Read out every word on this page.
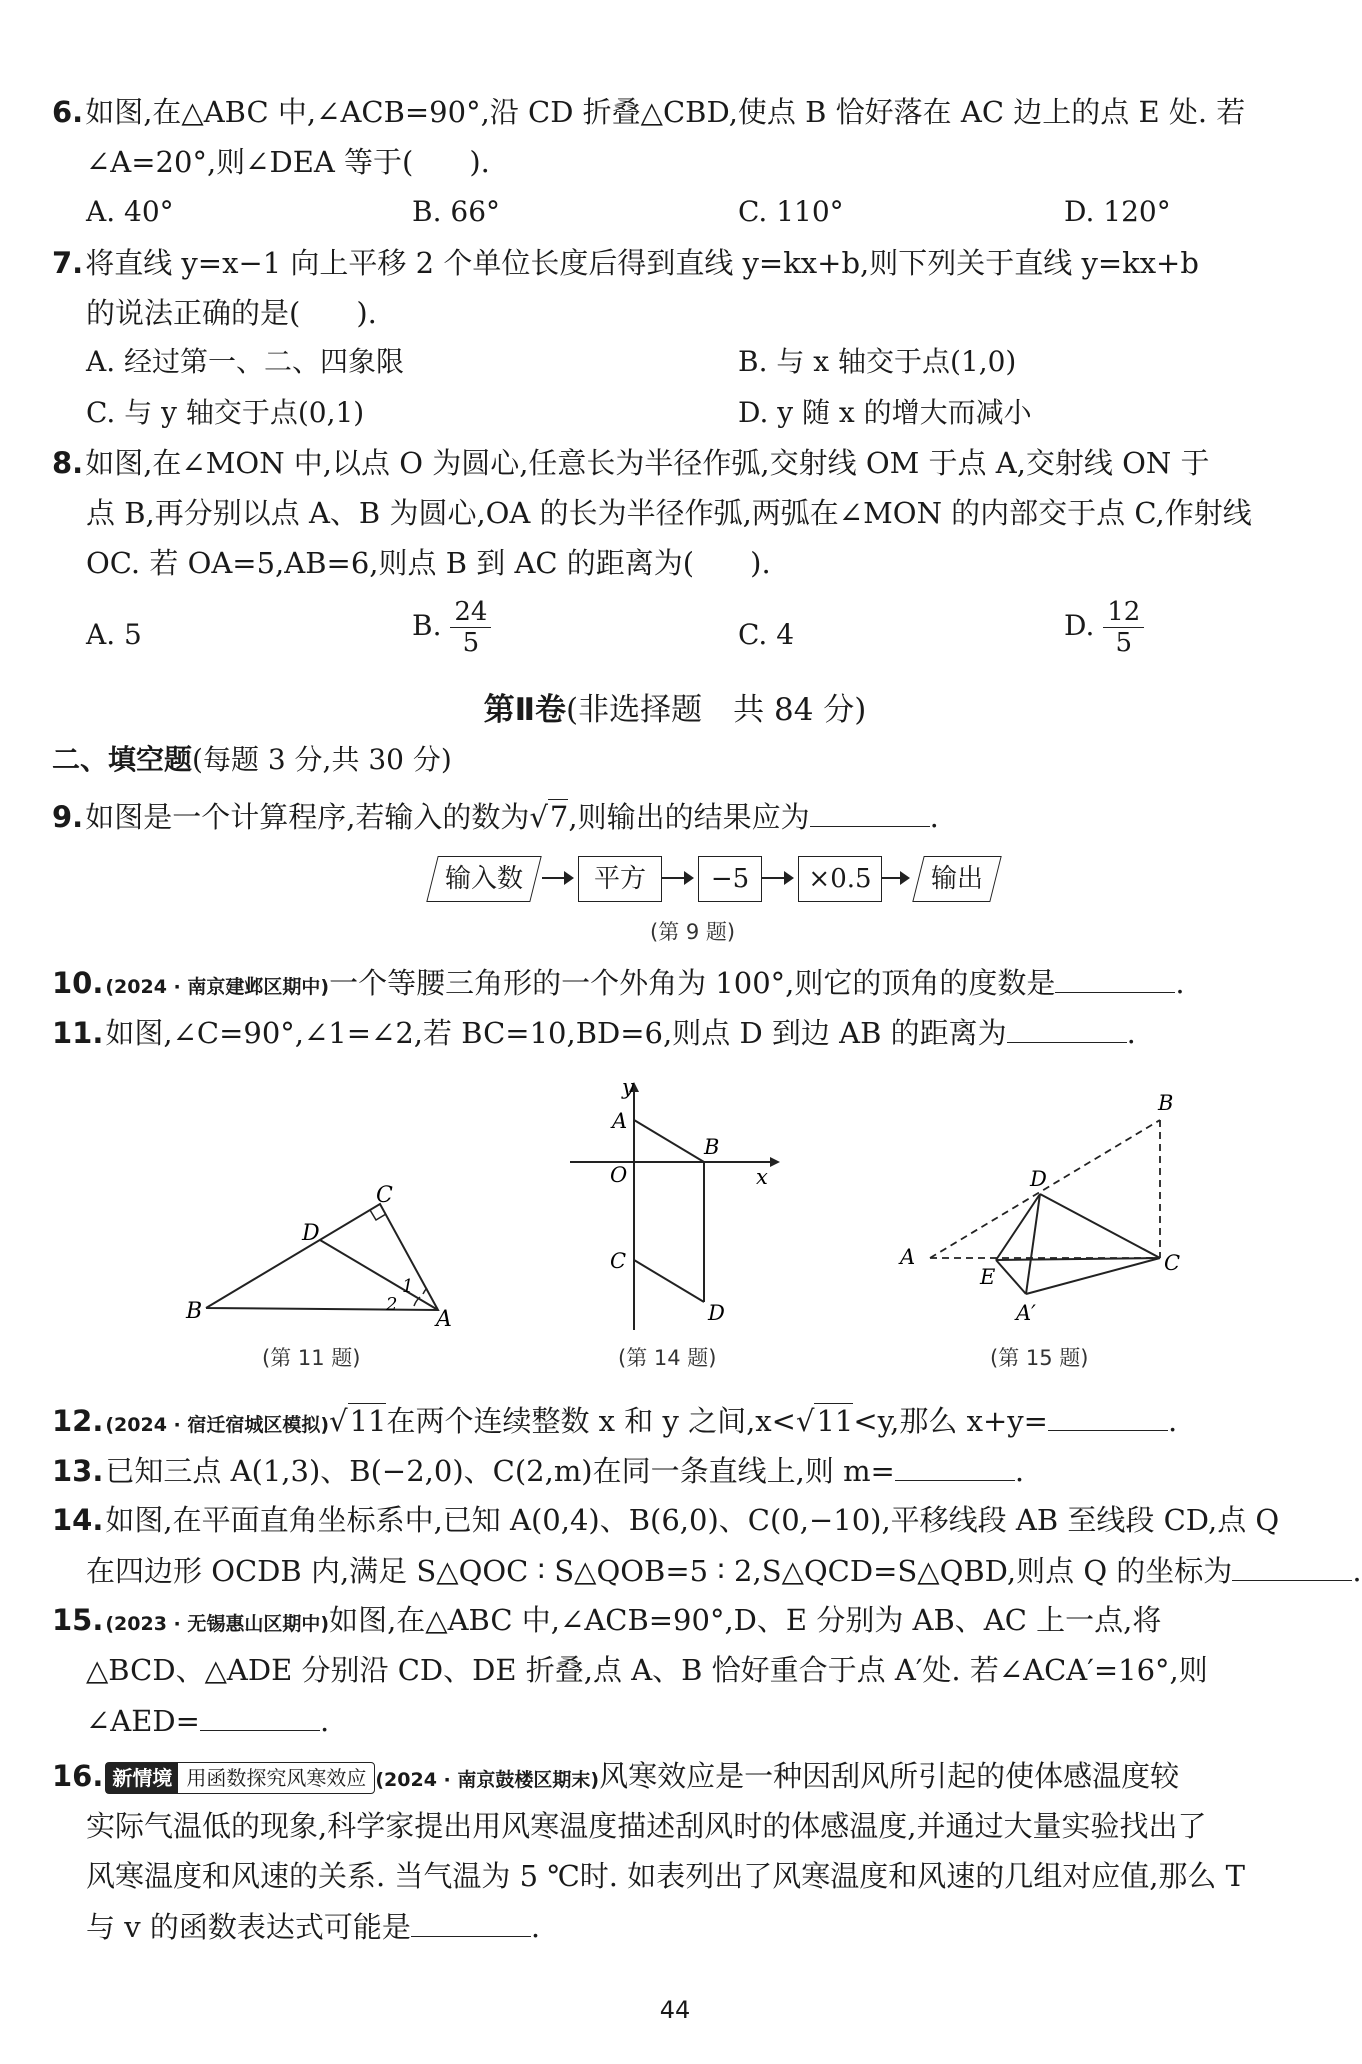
6.如图,在△ABC 中,∠ACB=90°,沿 CD 折叠△CBD,使点 B 恰好落在 AC 边上的点 E 处. 若
∠A=20°,则∠DEA 等于( ).
A. 40°	B. 66°	C. 110°	D. 120°
7.将直线 y=x−1 向上平移 2 个单位长度后得到直线 y=kx+b,则下列关于直线 y=kx+b
的说法正确的是( ).
A. 经过第一、二、四象限	B. 与 x 轴交于点(1,0)
C. 与 y 轴交于点(0,1)	D. y 随 x 的增大而减小
8.如图,在∠MON 中,以点 O 为圆心,任意长为半径作弧,交射线 OM 于点 A,交射线 ON 于
点 B,再分别以点 A、B 为圆心,OA 的长为半径作弧,两弧在∠MON 的内部交于点 C,作射线
OC. 若 OA=5,AB=6,则点 B 到 AC 的距离为( ).
A. 5	B. $\frac{24}{5}$	C. 4	D. $\frac{12}{5}$
第Ⅱ卷(非选择题　共 84 分)
二、填空题(每题 3 分,共 30 分)
9.如图是一个计算程序,若输入的数为√7,则输出的结果应为	.
输入数	平方	−5	×0.5	输出
(第 9 题)
10. (2024 · 南京建邺区期中)一个等腰三角形的一个外角为 100°,则它的顶角的度数是	.
11.如图,∠C=90°,∠1=∠2,若 BC=10,BD=6,则点 D 到边 AB 的距离为	.
C
D
B	A
1
2
(第 11 题)
y
A
B
O	x
C
D
(第 14 题)
B
D
A
E
C
A′
(第 15 题)
12. (2024 · 宿迁宿城区模拟)√11在两个连续整数 x 和 y 之间,x<√11<y,那么 x+y=	.
13.已知三点 A(1,3)、B(−2,0)、C(2,m)在同一条直线上,则 m=	.
14.如图,在平面直角坐标系中,已知 A(0,4)、B(6,0)、C(0,−10),平移线段 AB 至线段 CD,点 Q
在四边形 OCDB 内,满足 S△QOC ∶ S△QOB=5 ∶ 2,S△QCD=S△QBD,则点 Q 的坐标为	.
15. (2023 · 无锡惠山区期中)如图,在△ABC 中,∠ACB=90°,D、E 分别为 AB、AC 上一点,将
△BCD、△ADE 分别沿 CD、DE 折叠,点 A、B 恰好重合于点 A′处. 若∠ACA′=16°,则
∠AED=	.
16. 新情境 用函数探究风寒效应 (2024 · 南京鼓楼区期末)风寒效应是一种因刮风所引起的使体感温度较
实际气温低的现象,科学家提出用风寒温度描述刮风时的体感温度,并通过大量实验找出了
风寒温度和风速的关系. 当气温为 5 ℃时. 如表列出了风寒温度和风速的几组对应值,那么 T
与 v 的函数表达式可能是	.
44
